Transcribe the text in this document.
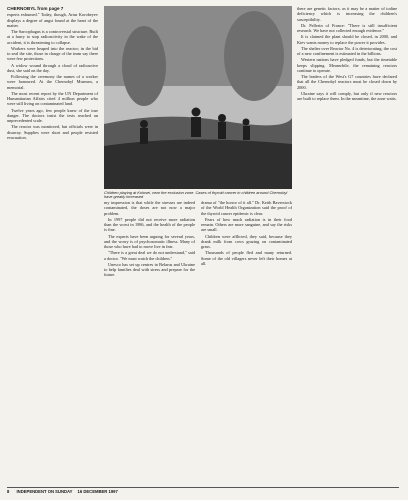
CHERNOBYL from page 7

experts exhumed." Today, though, Artur Korobeyev displays a degree of angst found at the heart of the matter.

The Sarcophagus is a controversial structure. Built at a hurry to stop radioactivity in the wake of the accident, it is threatening to collapse.

Workers were heaped into the reactor; in the bid to seal the site, those in charge of the team say there were few protections.

A widow wound through a cloud of radioactive dust, she said on the day.

Following the ceremony the names of a worker were honoured. At the Chernobyl Museum, a memorial.

The most recent report by the UN Department of Humanitarian Affairs cited 4 million people who were still living on contaminated land.

Twelve years ago, few people knew of the true danger. The doctors insist the tests reached an unprecedented scale.

The reactor was monitored, but officials were in disarray. Supplies were short and people resisted evacuation.

Children playing at Kolosei, near the exclusion zone. Cases of thyroid cancer in children around Chernobyl have greatly increased

my impression is that while the stresses are indeed contaminated, the doses are not now a major problem.

In 1997 people did not receive more radiation than the worst in 1986, and the health of the people is fine.

The experts have been arguing for several years, and the worry is of psychosomatic illness. Many of those who have had to move live in fear.

"There is a great deal we do not understand," said a doctor. "We must watch the children."

Unesco has set up centres in Belarus and Ukraine to help families deal with stress and prepare for the future.

drama of "the horror of it all." Dr. Keith Baverstock of the World Health Organization said the proof of the thyroid cancer epidemic is clear.

Fears of how much radiation is in their food remain. Others are more sanguine, and say the risks are small.

Children were afflicted, they said, because they drank milk from cows grazing on contaminated grass.

Thousands of people fled and many returned. Some of the old villagers never left their homes at all.

there are genetic factors; as it may be a matter of iodine deficiency which is increasing the children's susceptibility.

Dr. Pellerin of France: "There is still insufficient research. We have not collected enough evidence."

It is claimed the plant should be closed, in 2000, and Kiev wants money to replace the power it provides.

The shelter over Reactor No. 4 is deteriorating; the cost of a new confinement is estimated in the billions.

Western nations have pledged funds, but the timetable keeps slipping. Meanwhile, the remaining reactors continue to operate.

The leaders of the West's G7 countries have declared that all the Chernobyl reactors must be closed down by 2000.

Ukraine says it will comply, but only if new reactors are built to replace them. In the meantime, the zone waits.

8 INDEPENDENT ON SUNDAY 16 DECEMBER 1997
